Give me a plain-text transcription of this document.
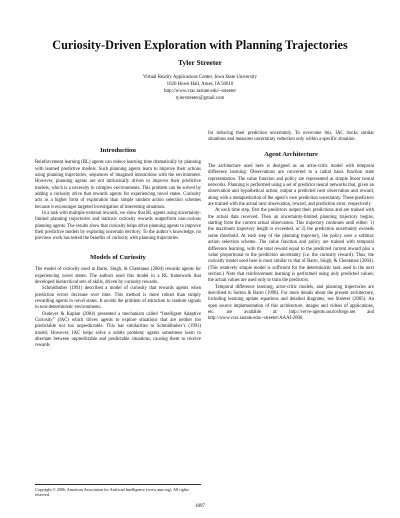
Curiosity-Driven Exploration with Planning Trajectories
Tyler Streeter
Virtual Reality Applications Center, Iowa State University
1620 Howe Hall, Ames, IA 50010
http://www.vrac.iastate.edu/~streeter
tylerstreeter@gmail.com
Introduction

Reinforcement learning (RL) agents can reduce learning time dramatically by planning with learned predictive models. Such planning agents learn to improve their actions using planning trajectories, sequences of imagined interactions with the environment. However, planning agents are not intrinsically driven to improve their predictive models, which is a necessity in complex environments. This problem can be solved by adding a curiosity drive that rewards agents for experiencing novel states. Curiosity acts as a higher form of exploration than simple random action selection schemes because it encourages targeted investigation of interesting situations.

In a task with multiple external rewards, we show that RL agents using uncertainty-limited planning trajectories and intrinsic curiosity rewards outperform non-curious planning agents. The results show that curiosity helps drive planning agents to improve their predictive models by exploring uncertain territory. To the author’s knowledge, no previous work has tested the benefits of curiosity with planning trajectories.

Models of Curiosity

The model of curiosity used in Barto, Singh, & Chentanez (2004) rewards agents for experiencing novel states. The authors used this model in a RL framework that developed hierarchical sets of skills, driven by curiosity rewards.

Schmidhuber (1991) described a model of curiosity that rewards agents when prediction errors decrease over time. This method is more robust than simply rewarding agents in novel states. It avoids the problem of attraction to random signals in non-deterministic environments.

Oudeyer & Kaplan (2004) presented a mechanism called “Intelligent Adaptive Curiosity” (IAC) which drives agents to explore situations that are neither too predictable nor too unpredictable. This has similarities to Schmidhuber’s (1991) model; However, IAC helps solve a subtle problem; agents sometimes learn to alternate between unpredictable and predictable situations, causing them to receive rewards

for reducing their prediction uncertainty. To overcome this, IAC tracks similar situations and measures uncertainty reduction only within a specific situation.

Agent Architecture

The architecture used here is designed as an actor-critic model with temporal difference learning: Observations are converted to a radial basis function state representation. The value function and policy are represented as simple linear neural networks. Planning is performed using a set of predictor neural networks that, given an observation and hypothetical action, output a predicted next observation and reward, along with a metaprediction of the agent’s own prediction uncertainty. These predictors are trained with the actual next observation, reward, and prediction error, respectively.

At each time step, first the predictors output their predictions and are trained with the actual data received. Then an uncertainty-limited planning trajectory begins, starting from the current actual observation. This trajectory continues until either: 1) the maximum trajectory length is exceeded, or 2) the prediction uncertainty exceeds some threshold. At each step of the planning trajectory, the policy uses a softmax action selection scheme. The value function and policy are trained with temporal difference learning, with the total reward equal to the predicted current reward plus a value proportional to the prediction uncertainty (i.e. the curiosity reward). Thus, the curiosity model used here is most similar to that of Barto, Singh, & Chentanez (2004). (This relatively simple model is sufficient for the deterministic task used in the next section.) Note that reinforcement learning is performed using only predicted values; the actual values are used only to train the predictors.

Temporal difference learning, actor-critic models, and planning trajectories are described in Sutton & Barto (1998). For more details about the present architecture, including learning update equations and detailed diagrams, see Streeter (2005). An open source implementation of this architecture, images and videos of applications, etc. are available at: http://verve-agents.sourceforge.net and http://www.vrac.iastate.edu/~streeter/AAAI-2006.

Copyright © 2006, American Association for Artificial Intelligence (www.aaai.org). All rights reserved.
1897
